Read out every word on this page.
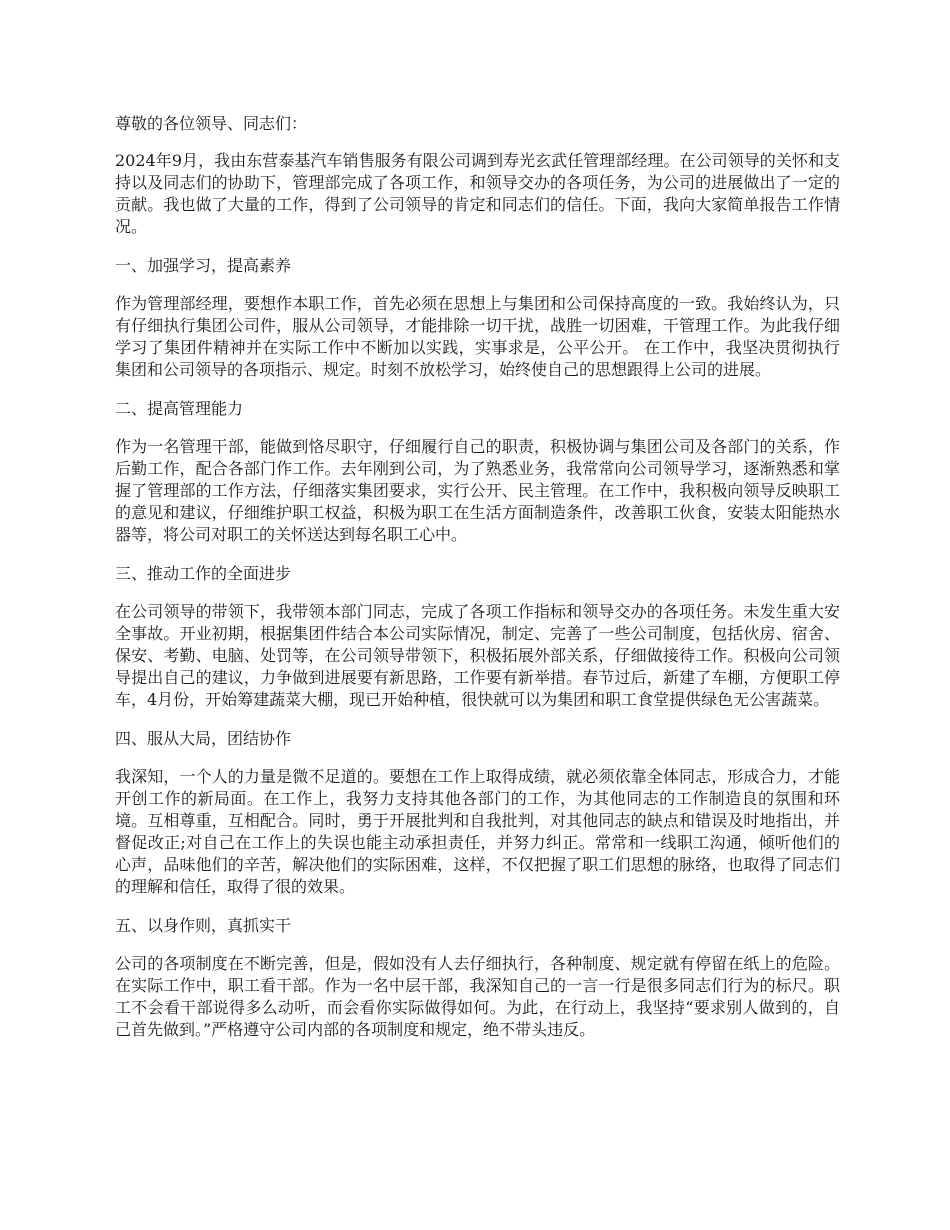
尊敬的各位领导、同志们：

2024年9月，我由东营泰基汽车销售服务有限公司调到寿光玄武任管理部经理。在公司领导的关怀和支持以及同志们的协助下，管理部完成了各项工作，和领导交办的各项任务，为公司的进展做出了一定的贡献。我也做了大量的工作，得到了公司领导的肯定和同志们的信任。下面，我向大家简单报告工作情况。

一、加强学习，提高素养

作为管理部经理，要想作本职工作，首先必须在思想上与集团和公司保持高度的一致。我始终认为，只有仔细执行集团公司件，服从公司领导，才能排除一切干扰，战胜一切困难，干管理工作。为此我仔细学习了集团件精神并在实际工作中不断加以实践，实事求是，公平公开。 在工作中，我坚决贯彻执行集团和公司领导的各项指示、规定。时刻不放松学习，始终使自己的思想跟得上公司的进展。

二、提高管理能力

作为一名管理干部，能做到恪尽职守，仔细履行自己的职责，积极协调与集团公司及各部门的关系，作后勤工作，配合各部门作工作。去年刚到公司，为了熟悉业务，我常常向公司领导学习，逐渐熟悉和掌握了管理部的工作方法，仔细落实集团要求，实行公开、民主管理。在工作中，我积极向领导反映职工的意见和建议，仔细维护职工权益，积极为职工在生活方面制造条件，改善职工伙食，安装太阳能热水器等，将公司对职工的关怀送达到每名职工心中。

三、推动工作的全面进步

在公司领导的带领下，我带领本部门同志，完成了各项工作指标和领导交办的各项任务。未发生重大安全事故。开业初期，根据集团件结合本公司实际情况，制定、完善了一些公司制度，包括伙房、宿舍、保安、考勤、电脑、处罚等，在公司领导带领下，积极拓展外部关系，仔细做接待工作。积极向公司领导提出自己的建议，力争做到进展要有新思路，工作要有新举措。春节过后，新建了车棚，方便职工停车，4月份，开始筹建蔬菜大棚，现已开始种植，很快就可以为集团和职工食堂提供绿色无公害蔬菜。

四、服从大局，团结协作

我深知，一个人的力量是微不足道的。要想在工作上取得成绩，就必须依靠全体同志，形成合力，才能开创工作的新局面。在工作上，我努力支持其他各部门的工作，为其他同志的工作制造良的氛围和环境。互相尊重，互相配合。同时，勇于开展批判和自我批判，对其他同志的缺点和错误及时地指出，并督促改正;对自己在工作上的失误也能主动承担责任，并努力纠正。常常和一线职工沟通，倾听他们的心声，品味他们的辛苦，解决他们的实际困难，这样，不仅把握了职工们思想的脉络，也取得了同志们的理解和信任，取得了很的效果。

五、以身作则，真抓实干

公司的各项制度在不断完善，但是，假如没有人去仔细执行，各种制度、规定就有停留在纸上的危险。在实际工作中，职工看干部。作为一名中层干部，我深知自己的一言一行是很多同志们行为的标尺。职工不会看干部说得多么动听，而会看你实际做得如何。为此，在行动上，我坚持“要求别人做到的，自己首先做到。”严格遵守公司内部的各项制度和规定，绝不带头违反。
